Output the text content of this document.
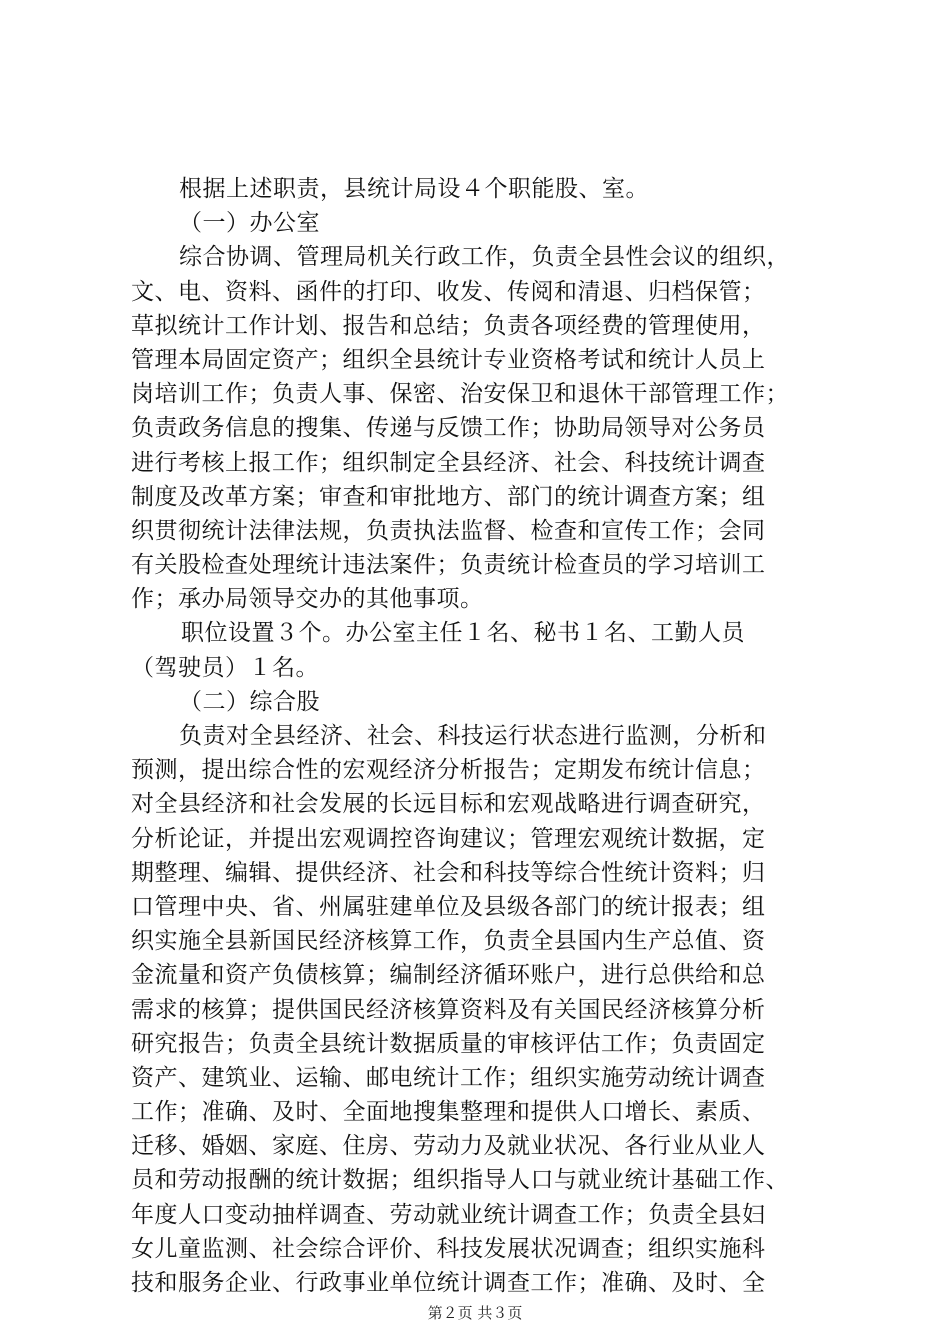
根据上述职责，县统计局设４个职能股、室。
（一）办公室
综合协调、管理局机关行政工作，负责全县性会议的组织，
文、电、资料、函件的打印、收发、传阅和清退、归档保管；
草拟统计工作计划、报告和总结；负责各项经费的管理使用，
管理本局固定资产；组织全县统计专业资格考试和统计人员上
岗培训工作；负责人事、保密、治安保卫和退休干部管理工作；
负责政务信息的搜集、传递与反馈工作；协助局领导对公务员
进行考核上报工作；组织制定全县经济、社会、科技统计调查
制度及改革方案；审查和审批地方、部门的统计调查方案；组
织贯彻统计法律法规，负责执法监督、检查和宣传工作；会同
有关股检查处理统计违法案件；负责统计检查员的学习培训工
作；承办局领导交办的其他事项。
职位设置３个。办公室主任１名、秘书１名、工勤人员
（驾驶员）１名。
（二）综合股
负责对全县经济、社会、科技运行状态进行监测，分析和
预测，提出综合性的宏观经济分析报告；定期发布统计信息；
对全县经济和社会发展的长远目标和宏观战略进行调查研究，
分析论证，并提出宏观调控咨询建议；管理宏观统计数据，定
期整理、编辑、提供经济、社会和科技等综合性统计资料；归
口管理中央、省、州属驻建单位及县级各部门的统计报表；组
织实施全县新国民经济核算工作，负责全县国内生产总值、资
金流量和资产负债核算；编制经济循环账户，进行总供给和总
需求的核算；提供国民经济核算资料及有关国民经济核算分析
研究报告；负责全县统计数据质量的审核评估工作；负责固定
资产、建筑业、运输、邮电统计工作；组织实施劳动统计调查
工作；准确、及时、全面地搜集整理和提供人口增长、素质、
迁移、婚姻、家庭、住房、劳动力及就业状况、各行业从业人
员和劳动报酬的统计数据；组织指导人口与就业统计基础工作、
年度人口变动抽样调查、劳动就业统计调查工作；负责全县妇
女儿童监测、社会综合评价、科技发展状况调查；组织实施科
技和服务企业、行政事业单位统计调查工作；准确、及时、全
第２页 共３页
